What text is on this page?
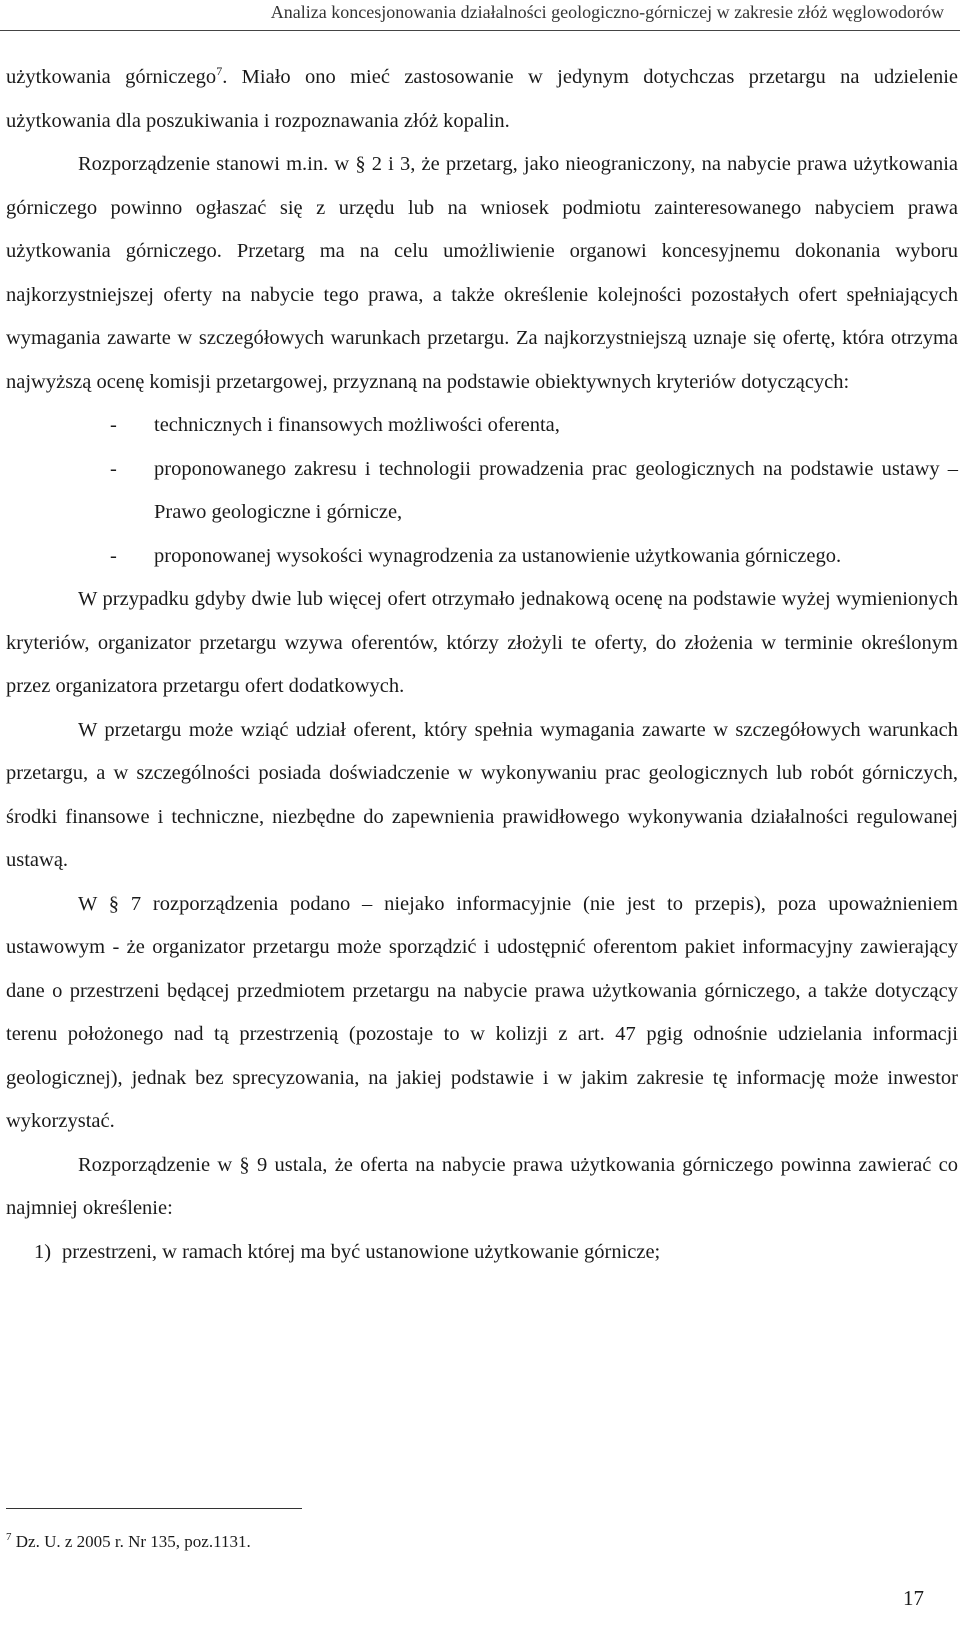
Analiza koncesjonowania działalności geologiczno-górniczej w zakresie złóż węglowodorów

użytkowania górniczego$^7$. Miało ono mieć zastosowanie w jedynym dotychczas przetargu na udzielenie użytkowania dla poszukiwania i rozpoznawania złóż kopalin.

Rozporządzenie stanowi m.in. w § 2 i 3, że przetarg, jako nieograniczony, na nabycie prawa użytkowania górniczego powinno ogłaszać się z urzędu lub na wniosek podmiotu zainteresowanego nabyciem prawa użytkowania górniczego. Przetarg ma na celu umożliwienie organowi koncesyjnemu dokonania wyboru najkorzystniejszej oferty na nabycie tego prawa, a także określenie kolejności pozostałych ofert spełniających wymagania zawarte w szczegółowych warunkach przetargu. Za najkorzystniejszą uznaje się ofertę, która otrzyma najwyższą ocenę komisji przetargowej, przyznaną na podstawie obiektywnych kryteriów dotyczących:

- technicznych i finansowych możliwości oferenta,
- proponowanego zakresu i technologii prowadzenia prac geologicznych na podstawie ustawy – Prawo geologiczne i górnicze,
- proponowanej wysokości wynagrodzenia za ustanowienie użytkowania górniczego.

W przypadku gdyby dwie lub więcej ofert otrzymało jednakową ocenę na podstawie wyżej wymienionych kryteriów, organizator przetargu wzywa oferentów, którzy złożyli te oferty, do złożenia w terminie określonym przez organizatora przetargu ofert dodatkowych.

W przetargu może wziąć udział oferent, który spełnia wymagania zawarte w szczegółowych warunkach przetargu, a w szczególności posiada doświadczenie w wykonywaniu prac geologicznych lub robót górniczych, środki finansowe i techniczne, niezbędne do zapewnienia prawidłowego wykonywania działalności regulowanej ustawą.

W § 7 rozporządzenia podano – niejako informacyjnie (nie jest to przepis), poza upoważnieniem ustawowym - że organizator przetargu może sporządzić i udostępnić oferentom pakiet informacyjny zawierający dane o przestrzeni będącej przedmiotem przetargu na nabycie prawa użytkowania górniczego, a także dotyczący terenu położonego nad tą przestrzenią (pozostaje to w kolizji z art. 47 pgig odnośnie udzielania informacji geologicznej), jednak bez sprecyzowania, na jakiej podstawie i w jakim zakresie tę informację może inwestor wykorzystać.

Rozporządzenie w § 9 ustala, że oferta na nabycie prawa użytkowania górniczego powinna zawierać co najmniej określenie:

1) przestrzeni, w ramach której ma być ustanowione użytkowanie górnicze;

$^7$ Dz. U. z 2005 r. Nr 135, poz.1131.
17
